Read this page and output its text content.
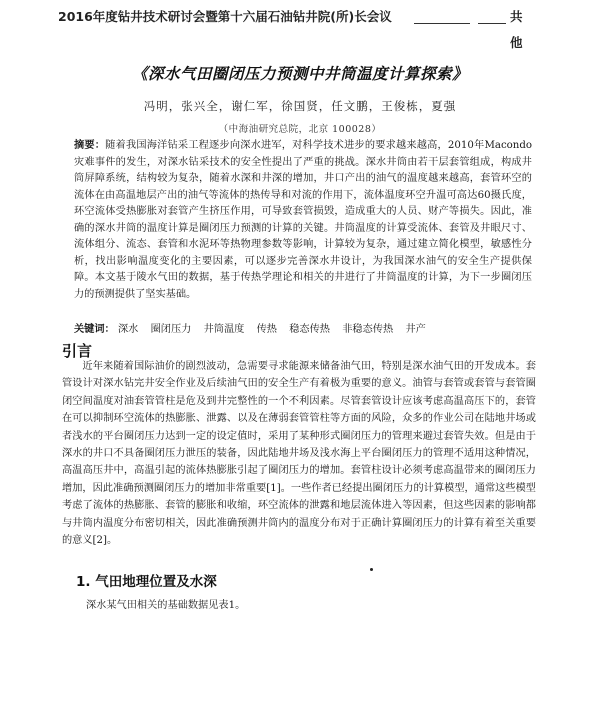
2016年度钻井技术研讨会暨第十六届石油钻井院(所)长会议	共 他
《深水气田圈闭压力预测中井筒温度计算探索》
冯明，张兴全，谢仁军，徐国贤，任文鹏，王俊栋，夏强
（中海油研究总院，北京 100028）
摘要：随着我国海洋钻采工程逐步向深水进军，对科学技术进步的要求越来越高，2010年Macondo灾难事件的发生，对深水钻采技术的安全性提出了严重的挑战。深水井筒由若干层套管组成，构成井筒屏障系统，结构较为复杂，随着水深和井深的增加，井口产出的油气的温度越来越高，套管环空的流体在由高温地层产出的油气等流体的热传导和对流的作用下，流体温度环空升温可高达60摄氏度，环空流体受热膨胀对套管产生挤压作用，可导致套管损毁，造成重大的人员、财产等损失。因此，准确的深水井筒的温度计算是圈闭压力预测的计算的关键。井筒温度的计算受流体、套管及井眼尺寸、流体组分、流态、套管和水泥环等热物理参数等影响，计算较为复杂，通过建立简化模型，敏感性分析，找出影响温度变化的主要因素，可以逐步完善深水井设计，为我国深水油气的安全生产提供保障。本文基于陵水气田的数据，基于传热学理论和相关的井进行了井筒温度的计算，为下一步圈闭压力的预测提供了坚实基础。
关键词： 深水 圈闭压力 井筒温度 传热 稳态传热 非稳态传热 井产
引言
近年来随着国际油价的剧烈波动，急需要寻求能源来储备油气田，特别是深水油气田的开发成本。套管设计对深水钻完井安全作业及后续油气田的安全生产有着极为重要的意义。油管与套管或套管与套管圈闭空间温度对油套管管柱是危及到井完整性的一个不利因素。尽管套管设计应该考虑高温高压下的，套管在可以抑制环空流体的热膨胀、泄露、以及在薄弱套管管柱等方面的风险，众多的作业公司在陆地井场或者浅水的平台圈闭压力达到一定的设定值时，采用了某种形式圈闭压力的管理来避过套管失效。但是由于深水的井口不具备圈闭压力泄压的装备，因此陆地井场及浅水海上平台圈闭压力的管理不适用这种情况，高温高压井中，高温引起的流体热膨胀引起了圈闭压力的增加。套管柱设计必须考虑高温带来的圈闭压力增加，因此准确预测圈闭压力的增加非常重要[1]。一些作者已经提出圈闭压力的计算模型，通常这些模型考虑了流体的热膨胀、套管的膨胀和收缩，环空流体的泄露和地层流体进入等因素，但这些因素的影响都与井筒内温度分布密切相关，因此准确预测井筒内的温度分布对于正确计算圈闭压力的计算有着至关重要的意义[2]。
1. 气田地理位置及水深
深水某气田相关的基础数据见表1。
